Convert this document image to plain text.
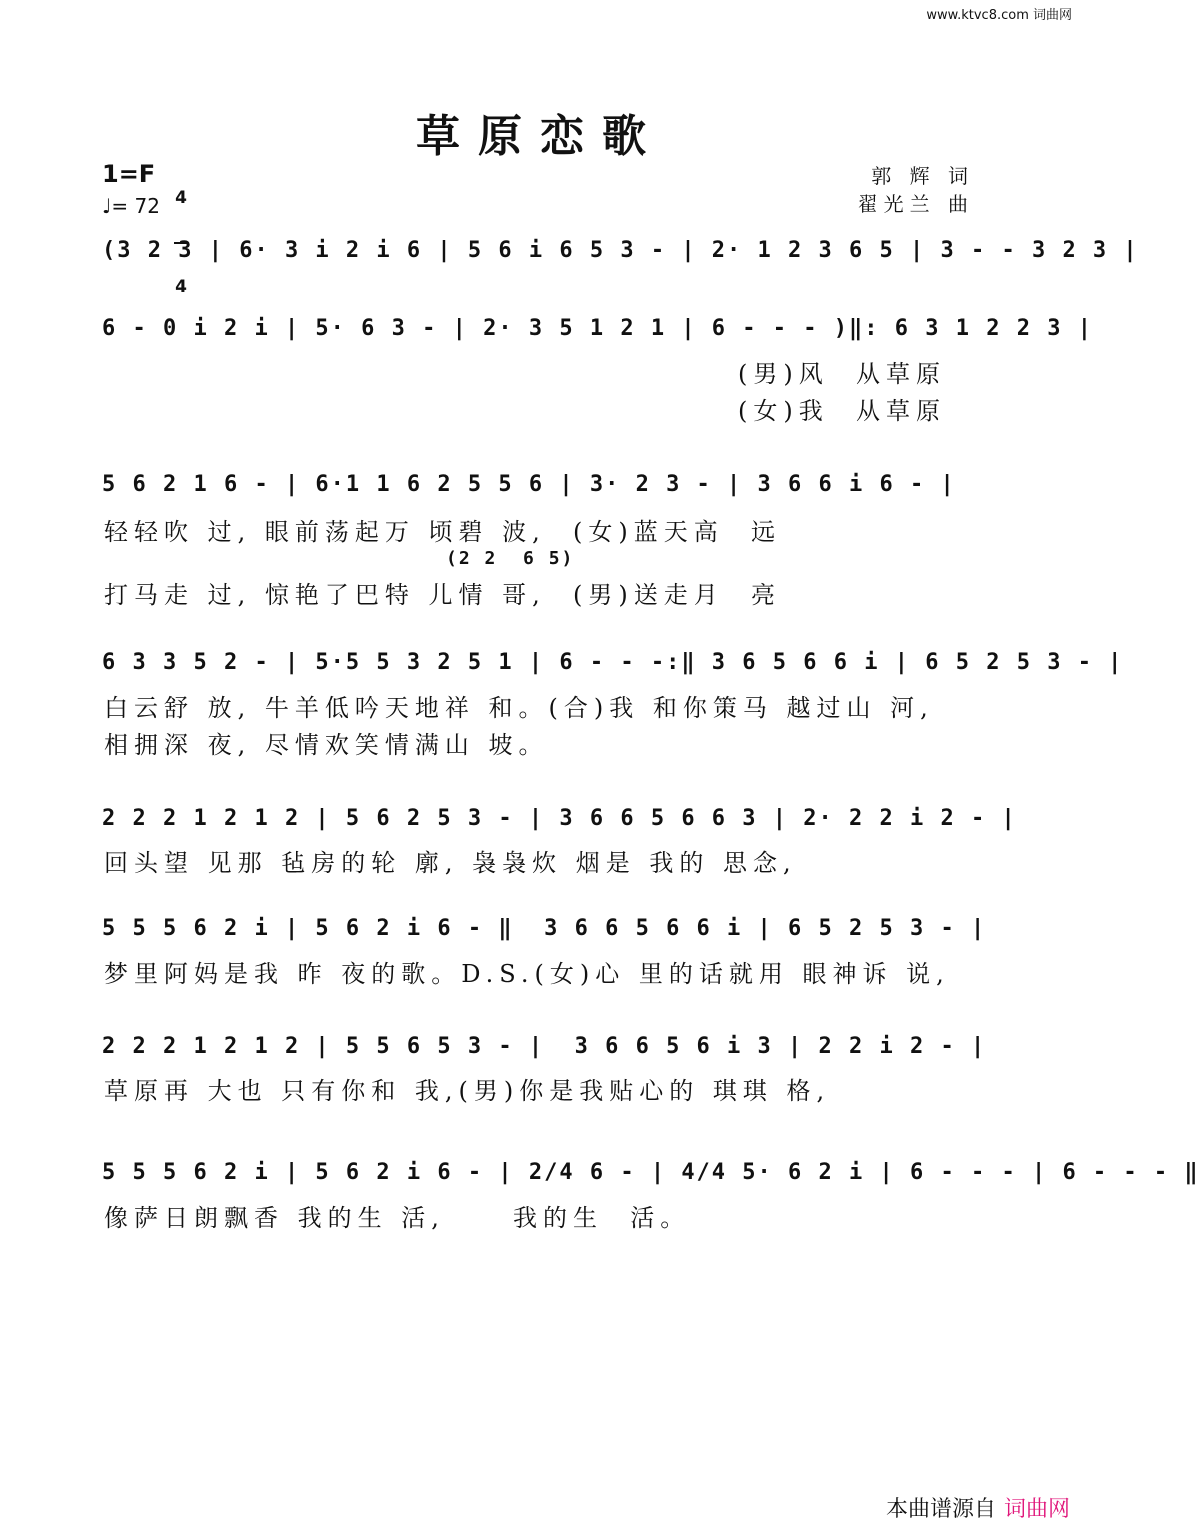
www.ktvc8.com 词曲网
草原恋歌
1=F

4

4

♩= 72
郭 辉 词
翟光兰 曲
(3 2 3 | 6· 3 i 2 i 6 | 5 6 i 6 5 3 - | 2· 1 2 3 6 5 | 3 - - 3 2 3 |
6 - 0 i 2 i | 5· 6 3 - | 2· 3 5 1 2 1 | 6 - - - )‖: 6 3 1 2 2 3 |
(男)风  从草原
(女)我  从草原
5 6 2 1 6 - | 6·1 1 6 2 5 5 6 | 3· 2 3 - | 3 6 6 i 6 - |
轻轻吹 过, 眼前荡起万 顷碧 波,  (女)蓝天高  远
(2 2  6 5)
打马走 过, 惊艳了巴特 儿情 哥,  (男)送走月  亮
6 3 3 5 2 - | 5·5 5 3 2 5 1 | 6 - - -:‖ 3 6 5 6 6 i | 6 5 2 5 3 - |
白云舒 放, 牛羊低吟天地祥 和。(合)我 和你策马 越过山 河,
相拥深 夜, 尽情欢笑情满山 坡。
2 2 2 1 2 1 2 | 5 6 2 5 3 - | 3 6 6 5 6 6 3 | 2· 2 2 i 2 - |
回头望 见那 毡房的轮 廓, 袅袅炊 烟是 我的 思念,
5 5 5 6 2 i | 5 6 2 i 6 - ‖  3 6 6 5 6 6 i | 6 5 2 5 3 - |
梦里阿妈是我 昨 夜的歌。D.S.(女)心 里的话就用 眼神诉 说,
2 2 2 1 2 1 2 | 5 5 6 5 3 - |  3 6 6 5 6 i 3 | 2 2 i 2 - |
草原再 大也 只有你和 我,(男)你是我贴心的 琪琪 格,
5 5 5 6 2 i | 5 6 2 i 6 - | 2/4 6 - | 4/4 5· 6 2 i | 6 - - - | 6 - - - ‖
像萨日朗飘香 我的生 活,     我的生  活。

本曲谱源自 词曲网
